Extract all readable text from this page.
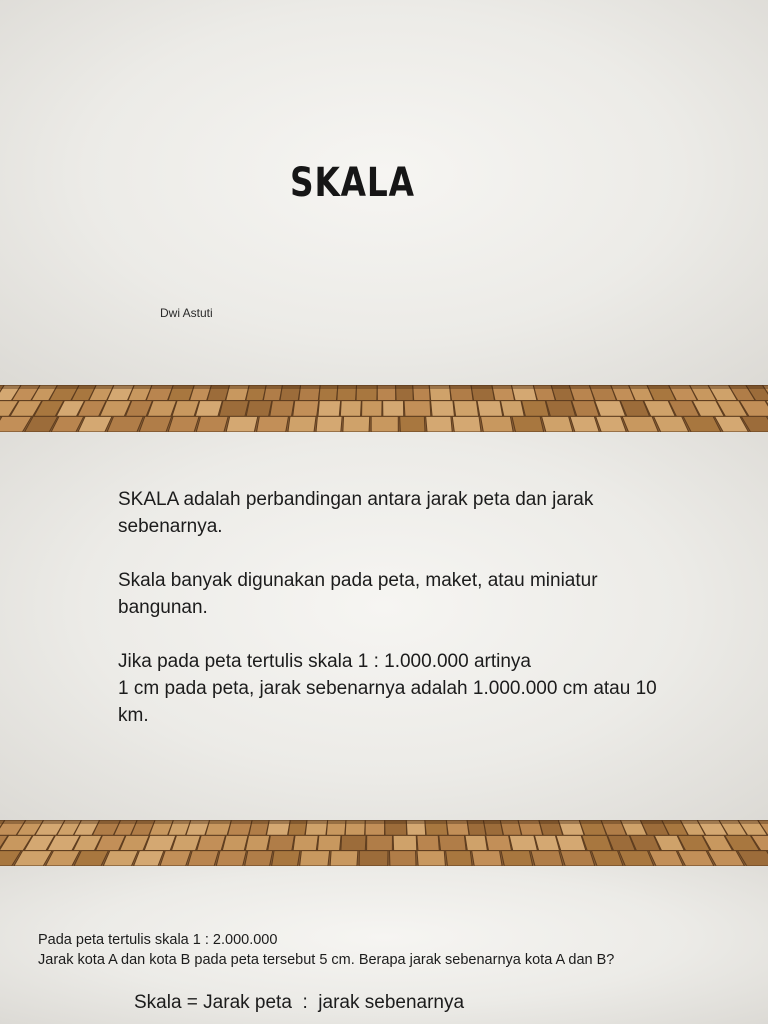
SKALA
Dwi Astuti

SKALA adalah perbandingan antara jarak peta dan jarak
sebenarnya.

Skala banyak digunakan pada peta, maket, atau miniatur
bangunan.

Jika pada peta tertulis skala 1 : 1.000.000 artinya
1 cm pada peta, jarak sebenarnya adalah 1.000.000 cm atau 10
km.

Pada peta tertulis skala 1 : 2.000.000
Jarak kota A dan kota B pada peta tersebut 5 cm. Berapa jarak sebenarnya kota A dan B?
Skala = Jarak peta  :  jarak sebenarnya
